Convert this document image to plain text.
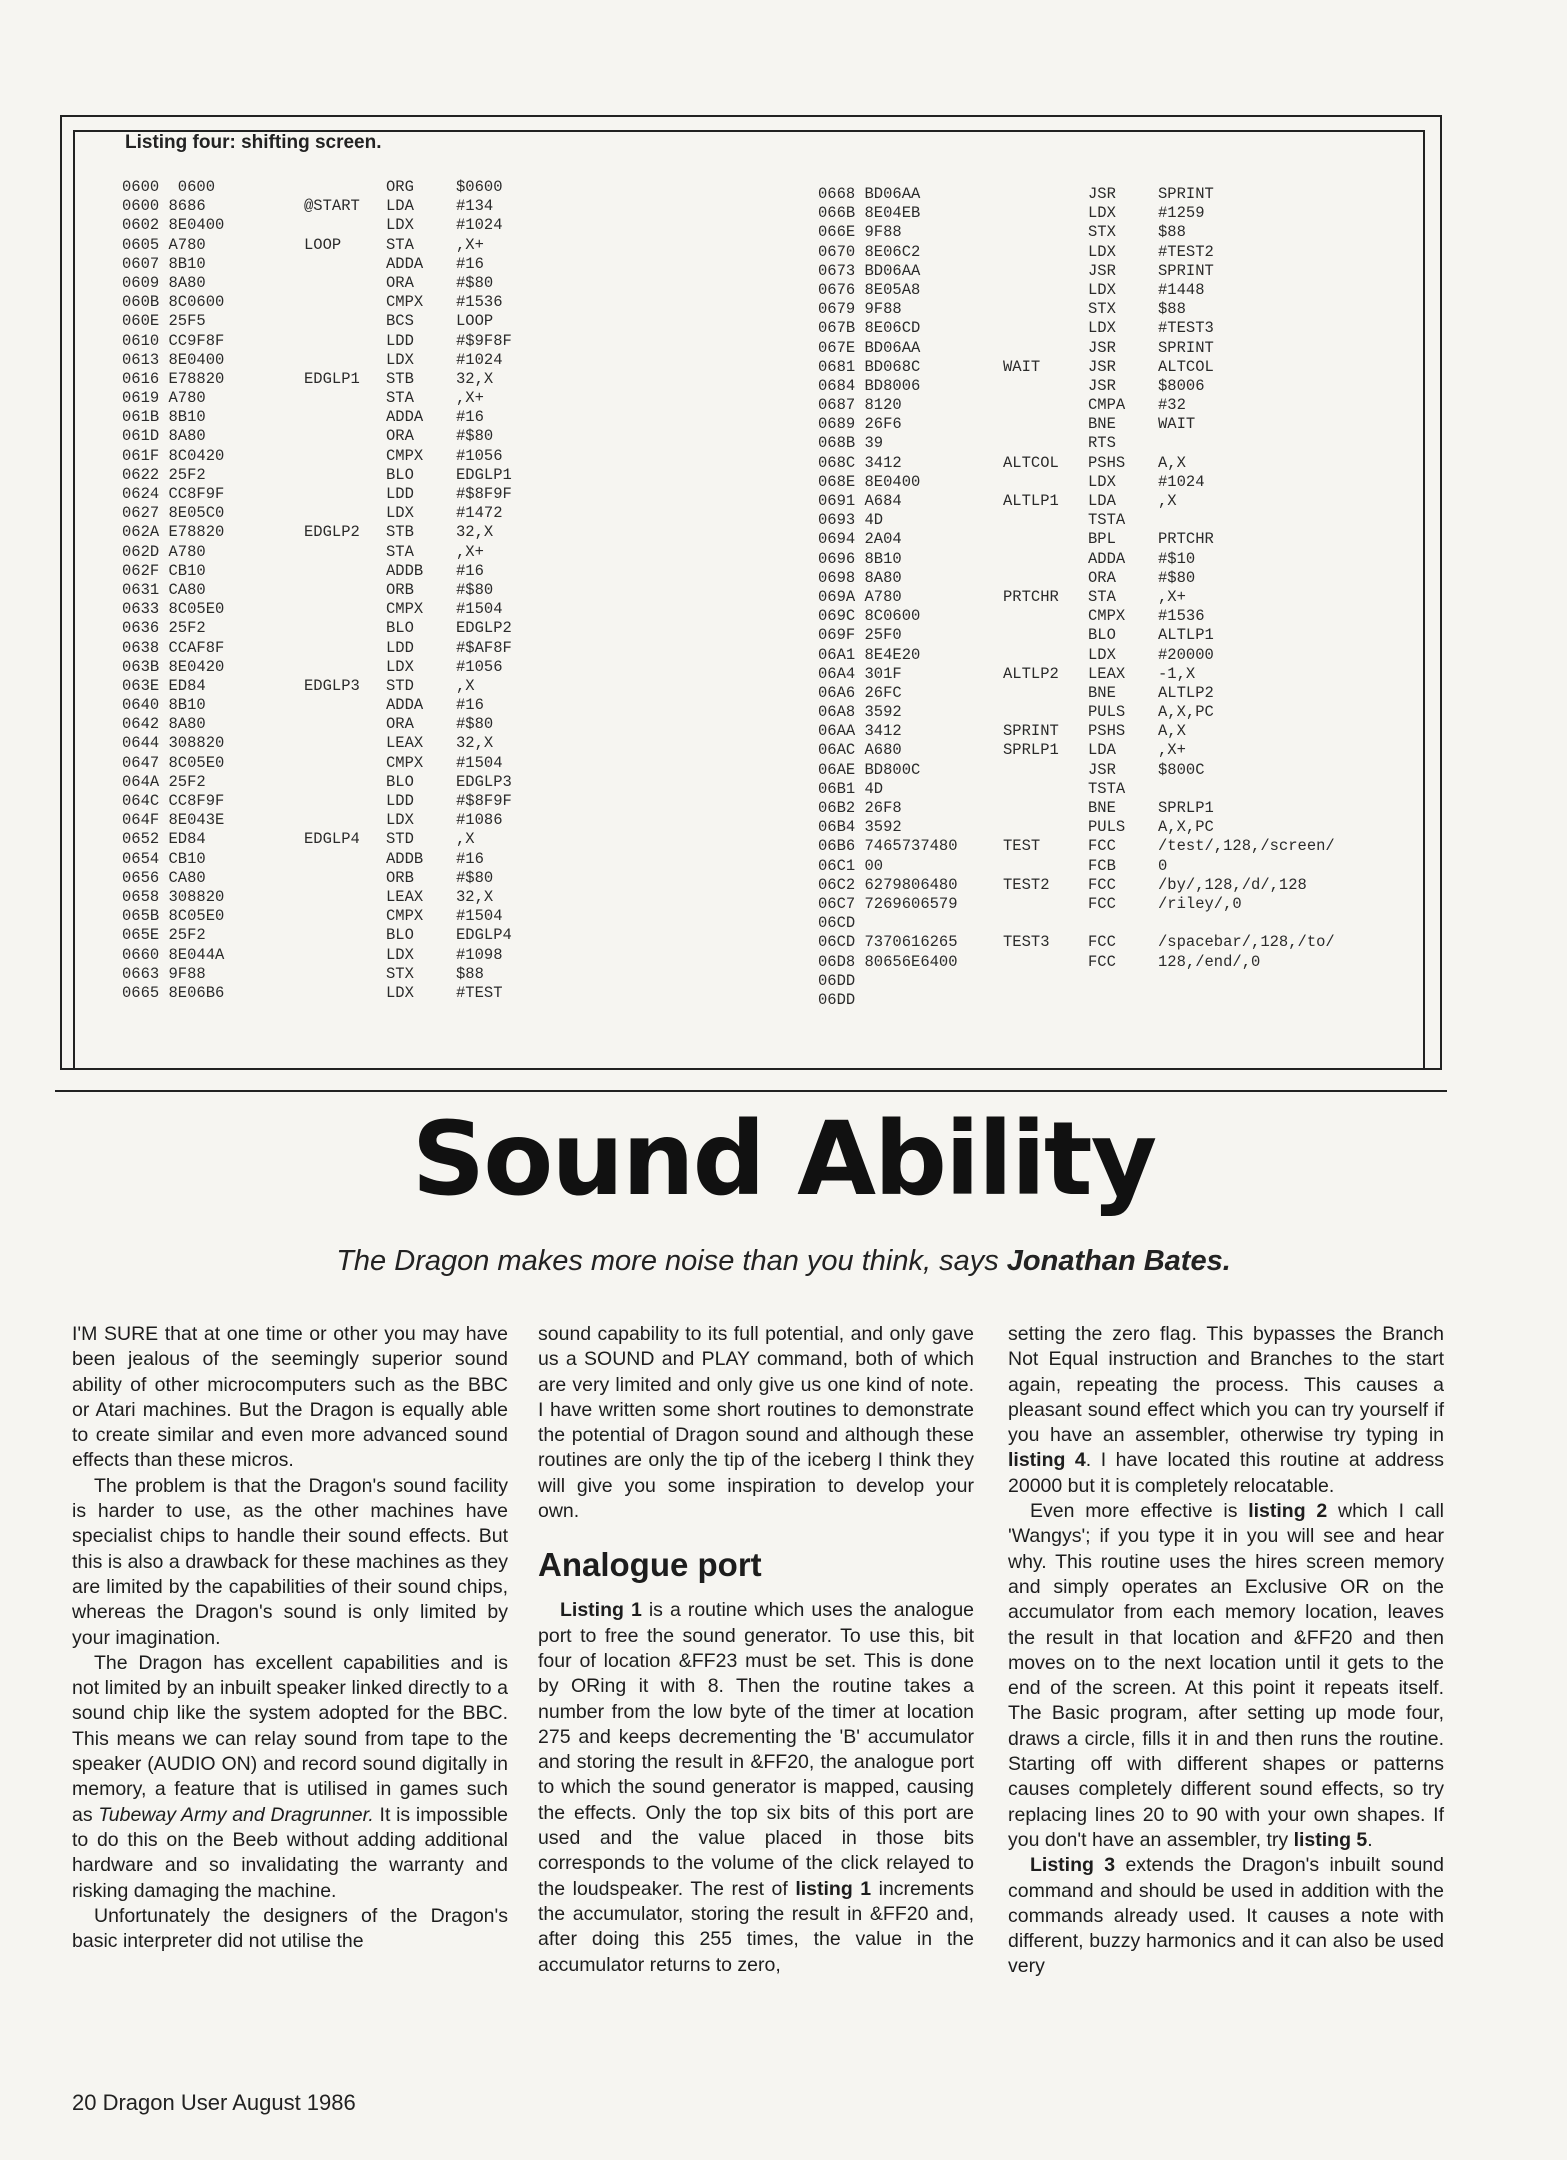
Listing four: shifting screen.
0600  0600	ORG	$0600
0600 8686	@START	LDA	#134
0602 8E0400	LDX	#1024
0605 A780	LOOP	STA	,X+
0607 8B10	ADDA	#16
0609 8A80	ORA	#$80
060B 8C0600	CMPX	#1536
060E 25F5	BCS	LOOP
0610 CC9F8F	LDD	#$9F8F
0613 8E0400	LDX	#1024
0616 E78820	EDGLP1	STB	32,X
0619 A780	STA	,X+
061B 8B10	ADDA	#16
061D 8A80	ORA	#$80
061F 8C0420	CMPX	#1056
0622 25F2	BLO	EDGLP1
0624 CC8F9F	LDD	#$8F9F
0627 8E05C0	LDX	#1472
062A E78820	EDGLP2	STB	32,X
062D A780	STA	,X+
062F CB10	ADDB	#16
0631 CA80	ORB	#$80
0633 8C05E0	CMPX	#1504
0636 25F2	BLO	EDGLP2
0638 CCAF8F	LDD	#$AF8F
063B 8E0420	LDX	#1056
063E ED84	EDGLP3	STD	,X
0640 8B10	ADDA	#16
0642 8A80	ORA	#$80
0644 308820	LEAX	32,X
0647 8C05E0	CMPX	#1504
064A 25F2	BLO	EDGLP3
064C CC8F9F	LDD	#$8F9F
064F 8E043E	LDX	#1086
0652 ED84	EDGLP4	STD	,X
0654 CB10	ADDB	#16
0656 CA80	ORB	#$80
0658 308820	LEAX	32,X
065B 8C05E0	CMPX	#1504
065E 25F2	BLO	EDGLP4
0660 8E044A	LDX	#1098
0663 9F88	STX	$88
0665 8E06B6	LDX	#TEST
0668 BD06AA	JSR	SPRINT
066B 8E04EB	LDX	#1259
066E 9F88	STX	$88
0670 8E06C2	LDX	#TEST2
0673 BD06AA	JSR	SPRINT
0676 8E05A8	LDX	#1448
0679 9F88	STX	$88
067B 8E06CD	LDX	#TEST3
067E BD06AA	JSR	SPRINT
0681 BD068C	WAIT	JSR	ALTCOL
0684 BD8006	JSR	$8006
0687 8120	CMPA	#32
0689 26F6	BNE	WAIT
068B 39	RTS
068C 3412	ALTCOL	PSHS	A,X
068E 8E0400	LDX	#1024
0691 A684	ALTLP1	LDA	,X
0693 4D	TSTA
0694 2A04	BPL	PRTCHR
0696 8B10	ADDA	#$10
0698 8A80	ORA	#$80
069A A780	PRTCHR	STA	,X+
069C 8C0600	CMPX	#1536
069F 25F0	BLO	ALTLP1
06A1 8E4E20	LDX	#20000
06A4 301F	ALTLP2	LEAX	-1,X
06A6 26FC	BNE	ALTLP2
06A8 3592	PULS	A,X,PC
06AA 3412	SPRINT	PSHS	A,X
06AC A680	SPRLP1	LDA	,X+
06AE BD800C	JSR	$800C
06B1 4D	TSTA
06B2 26F8	BNE	SPRLP1
06B4 3592	PULS	A,X,PC
06B6 7465737480	TEST	FCC	/test/,128,/screen/
06C1 00	FCB	0
06C2 6279806480	TEST2	FCC	/by/,128,/d/,128
06C7 7269606579	FCC	/riley/,0
06CD
06CD 7370616265	TEST3	FCC	/spacebar/,128,/to/
06D8 80656E6400	FCC	128,/end/,0
06DD
06DD
Sound Ability
The Dragon makes more noise than you think, says Jonathan Bates.

I'M SURE that at one time or other you may have been jealous of the seemingly superior sound ability of other microcomputers such as the BBC or Atari machines. But the Dragon is equally able to create similar and even more advanced sound effects than these micros.

The problem is that the Dragon's sound facility is harder to use, as the other machines have specialist chips to handle their sound effects. But this is also a drawback for these machines as they are limited by the capabilities of their sound chips, whereas the Dragon's sound is only limited by your imagination.

The Dragon has excellent capabilities and is not limited by an inbuilt speaker linked directly to a sound chip like the system adopted for the BBC. This means we can relay sound from tape to the speaker (AUDIO ON) and record sound digitally in memory, a feature that is utilised in games such as Tubeway Army and Dragrunner. It is impossible to do this on the Beeb without adding additional hardware and so invalidating the warranty and risking damaging the machine.

Unfortunately the designers of the Dragon's basic interpreter did not utilise the

sound capability to its full potential, and only gave us a SOUND and PLAY command, both of which are very limited and only give us one kind of note. I have written some short routines to demonstrate the potential of Dragon sound and although these routines are only the tip of the iceberg I think they will give you some inspiration to develop your own.

Analogue port

Listing 1 is a routine which uses the analogue port to free the sound generator. To use this, bit four of location &FF23 must be set. This is done by ORing it with 8. Then the routine takes a number from the low byte of the timer at location 275 and keeps decrementing the 'B' accumulator and storing the result in &FF20, the analogue port to which the sound generator is mapped, causing the effects. Only the top six bits of this port are used and the value placed in those bits corresponds to the volume of the click relayed to the loudspeaker. The rest of listing 1 increments the accumulator, storing the result in &FF20 and, after doing this 255 times, the value in the accumulator returns to zero,

setting the zero flag. This bypasses the Branch Not Equal instruction and Branches to the start again, repeating the process. This causes a pleasant sound effect which you can try yourself if you have an assembler, otherwise try typing in listing 4. I have located this routine at address 20000 but it is completely relocatable.

Even more effective is listing 2 which I call 'Wangys'; if you type it in you will see and hear why. This routine uses the hires screen memory and simply operates an Exclusive OR on the accumulator from each memory location, leaves the result in that location and &FF20 and then moves on to the next location until it gets to the end of the screen. At this point it repeats itself. The Basic program, after setting up mode four, draws a circle, fills it in and then runs the routine. Starting off with different shapes or patterns causes completely different sound effects, so try replacing lines 20 to 90 with your own shapes. If you don't have an assembler, try listing 5.

Listing 3 extends the Dragon's inbuilt sound command and should be used in addition with the commands already used. It causes a note with different, buzzy harmonics and it can also be used very

20 Dragon User August 1986
